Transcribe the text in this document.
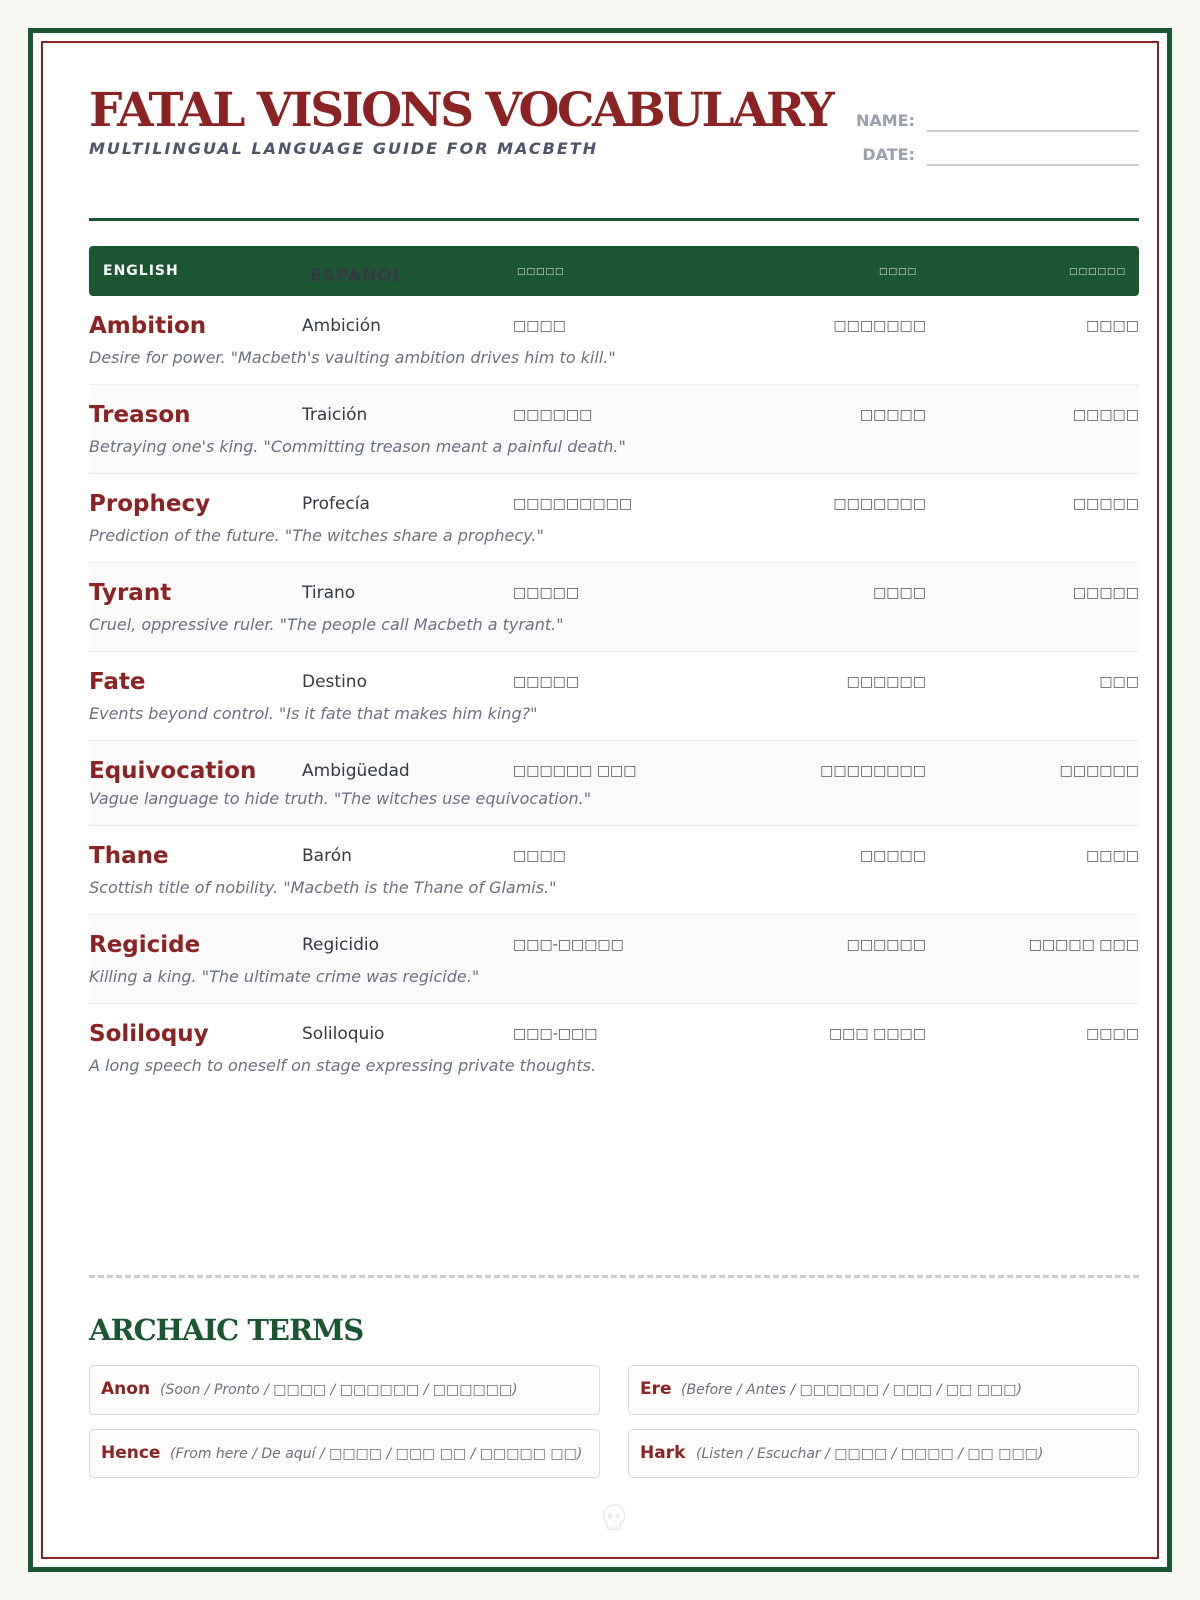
FATAL VISIONS VOCABULARY
MULTILINGUAL LANGUAGE GUIDE FOR MACBETH
NAME:
DATE:
ENGLISH	ESPAÑOL	□□□□□	□□□□	□□□□□□
Ambition	Ambición	□□□□	□□□□□□□	□□□□
Desire for power. "Macbeth's vaulting ambition drives him to kill."
Treason	Traición	□□□□□□	□□□□□	□□□□□
Betraying one's king. "Committing treason meant a painful death."
Prophecy	Profecía	□□□□□□□□□	□□□□□□□	□□□□□
Prediction of the future. "The witches share a prophecy."
Tyrant	Tirano	□□□□□	□□□□	□□□□□
Cruel, oppressive ruler. "The people call Macbeth a tyrant."
Fate	Destino	□□□□□	□□□□□□	□□□
Events beyond control. "Is it fate that makes him king?"
Equivocation	Ambigüedad	□□□□□□ □□□	□□□□□□□□	□□□□□□
Vague language to hide truth. "The witches use equivocation."
Thane	Barón	□□□□	□□□□□	□□□□
Scottish title of nobility. "Macbeth is the Thane of Glamis."
Regicide	Regicidio	□□□-□□□□□	□□□□□□	□□□□□ □□□
Killing a king. "The ultimate crime was regicide."
Soliloquy	Soliloquio	□□□-□□□	□□□ □□□□	□□□□
A long speech to oneself on stage expressing private thoughts.
ARCHAIC TERMS
Anon (Soon / Pronto / □□□□ / □□□□□□ / □□□□□□)	Ere (Before / Antes / □□□□□□ / □□□ / □□ □□□)
Hence (From here / De aquí / □□□□ / □□□ □□ / □□□□□ □□)	Hark (Listen / Escuchar / □□□□ / □□□□ / □□ □□□)
